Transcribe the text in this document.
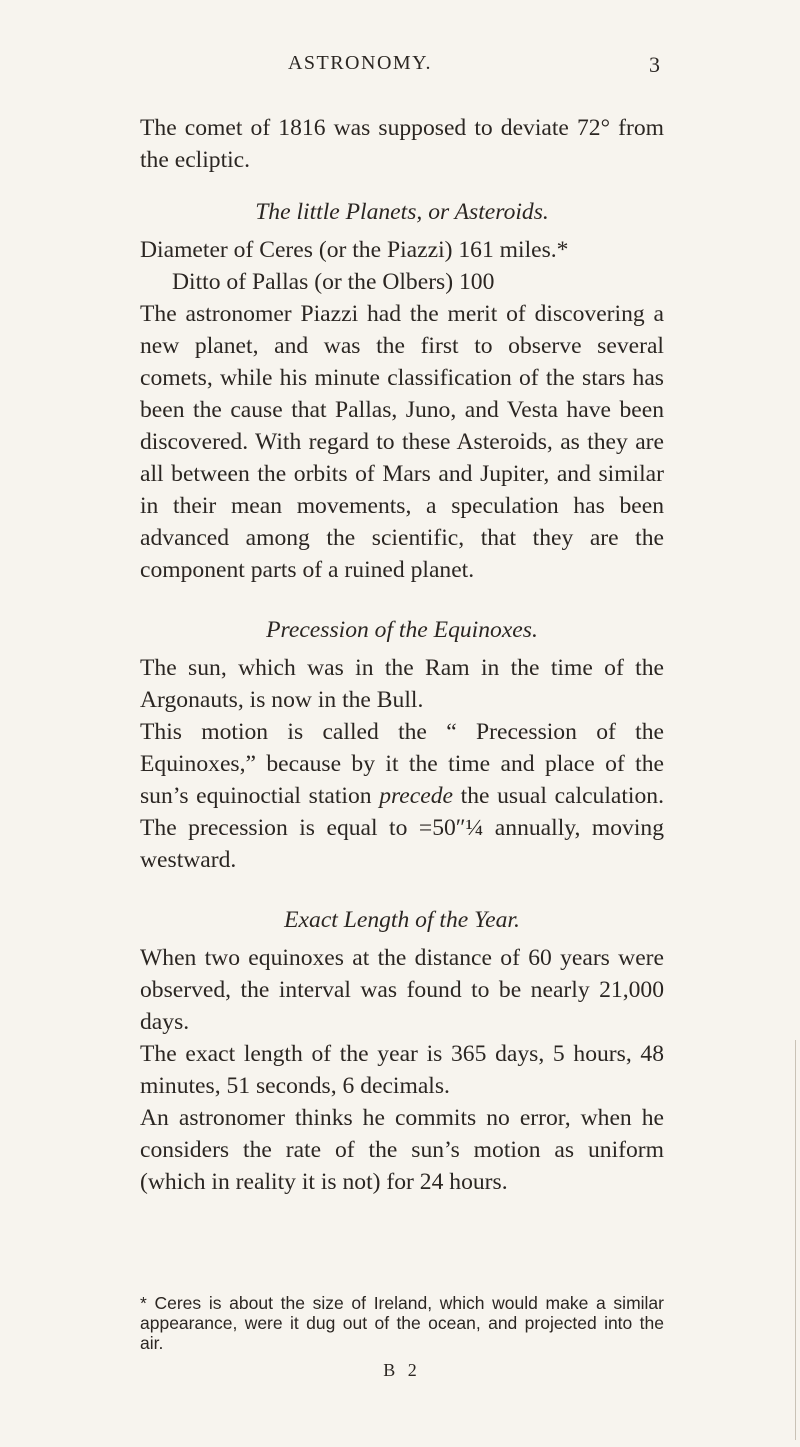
ASTRONOMY.	3

The comet of 1816 was supposed to deviate 72° from the ecliptic.

The little Planets, or Asteroids.

Diameter of Ceres (or the Piazzi) 161 miles.*

Ditto of Pallas (or the Olbers) 100

The astronomer Piazzi had the merit of discovering a new planet, and was the first to observe several comets, while his minute classification of the stars has been the cause that Pallas, Juno, and Vesta have been discovered. With regard to these Asteroids, as they are all between the orbits of Mars and Jupiter, and similar in their mean movements, a speculation has been advanced among the scientific, that they are the component parts of a ruined planet.

Precession of the Equinoxes.

The sun, which was in the Ram in the time of the Argonauts, is now in the Bull.

This motion is called the “ Precession of the Equinoxes,” because by it the time and place of the sun’s equinoctial station precede the usual calculation. The precession is equal to =50″¼ annually, moving westward.

Exact Length of the Year.

When two equinoxes at the distance of 60 years were observed, the interval was found to be nearly 21,000 days.

The exact length of the year is 365 days, 5 hours, 48 minutes, 51 seconds, 6 decimals.

An astronomer thinks he commits no error, when he considers the rate of the sun’s motion as uniform (which in reality it is not) for 24 hours.

* Ceres is about the size of Ireland, which would make a similar appearance, were it dug out of the ocean, and projected into the air.
B 2
